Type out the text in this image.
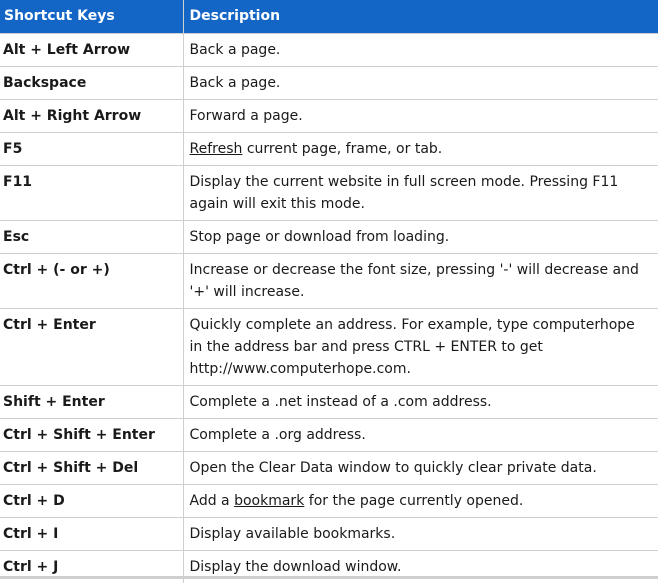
Shortcut Keys	Description
Alt + Left Arrow	Back a page.
Backspace	Back a page.
Alt + Right Arrow	Forward a page.
F5	Refresh current page, frame, or tab.
F11	Display the current website in full screen mode. Pressing F11 again will exit this mode.
Esc	Stop page or download from loading.
Ctrl + (- or +)	Increase or decrease the font size, pressing '-' will decrease and '+' will increase.
Ctrl + Enter	Quickly complete an address. For example, type computerhope in the address bar and press CTRL + ENTER to get http://www.computerhope.com.
Shift + Enter	Complete a .net instead of a .com address.
Ctrl + Shift + Enter	Complete a .org address.
Ctrl + Shift + Del	Open the Clear Data window to quickly clear private data.
Ctrl + D	Add a bookmark for the page currently opened.
Ctrl + I	Display available bookmarks.
Ctrl + J	Display the download window.
